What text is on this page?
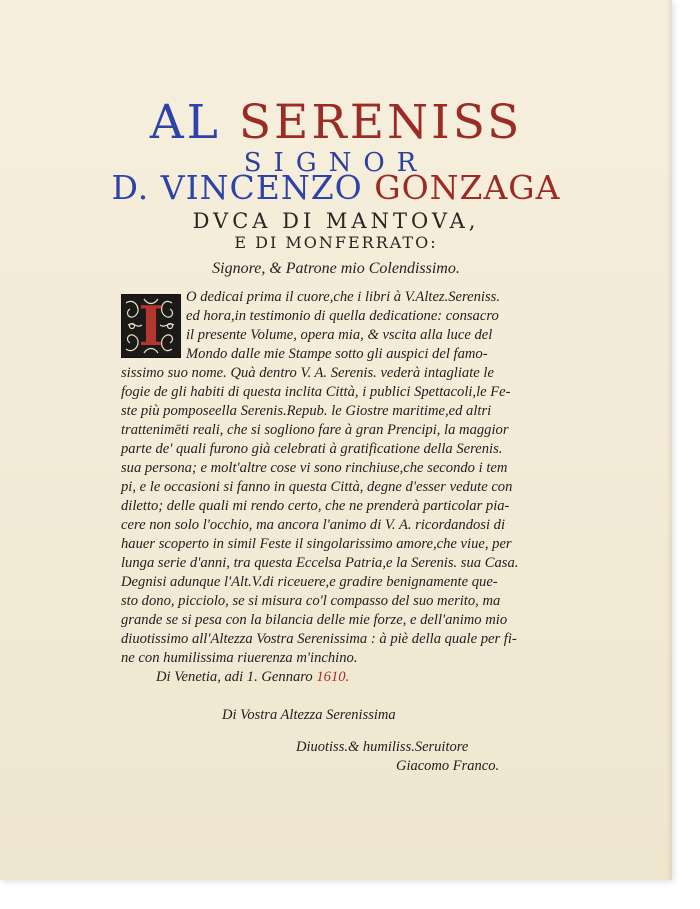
AL SERENISS
SIGNOR
D. VINCENZO GONZAGA
DVCA DI MANTOVA,
E DI MONFERRATO:
Signore, & Patrone mio Colendissimo.
I	O dedicai prima il cuore,che i libri à V.Altez.Sereniss.
ed hora,in testimonio di quella dedicatione: consacro
il presente Volume, opera mia, & vscita alla luce del
Mondo dalle mie Stampe sotto gli auspici del famo-
sissimo suo nome. Quà dentro V. A. Serenis. vederà intagliate le
fogie de gli habiti di questa inclita Città, i publici Spettacoli,le Fe-
ste più pomposeella Serenis.Repub. le Giostre maritime,ed altri
trattenimēti reali, che si sogliono fare à gran Prencipi, la maggior
parte de' quali furono già celebrati à gratificatione della Serenis.
sua persona; e molt'altre cose vi sono rinchiuse,che secondo i tem
pi, e le occasioni si fanno in questa Città, degne d'esser vedute con
diletto; delle quali mi rendo certo, che ne prenderà particolar pia-
cere non solo l'occhio, ma ancora l'animo di V. A. ricordandosi di
hauer scoperto in simil Feste il singolarissimo amore,che viue, per
lunga serie d'anni, tra questa Eccelsa Patria,e la Serenis. sua Casa.
Degnisi adunque l'Alt.V.di riceuere,e gradire benignamente que-
sto dono, picciolo, se si misura co'l compasso del suo merito, ma
grande se si pesa con la bilancia delle mie forze, e dell'animo mio
diuotissimo all'Altezza Vostra Serenissima : à piè della quale per fi-
ne con humilissima riuerenza m'inchino.
Di Venetia, adi 1. Gennaro 1610.
Di Vostra Altezza Serenissima
Diuotiss.& humiliss.Seruitore
Giacomo Franco.
